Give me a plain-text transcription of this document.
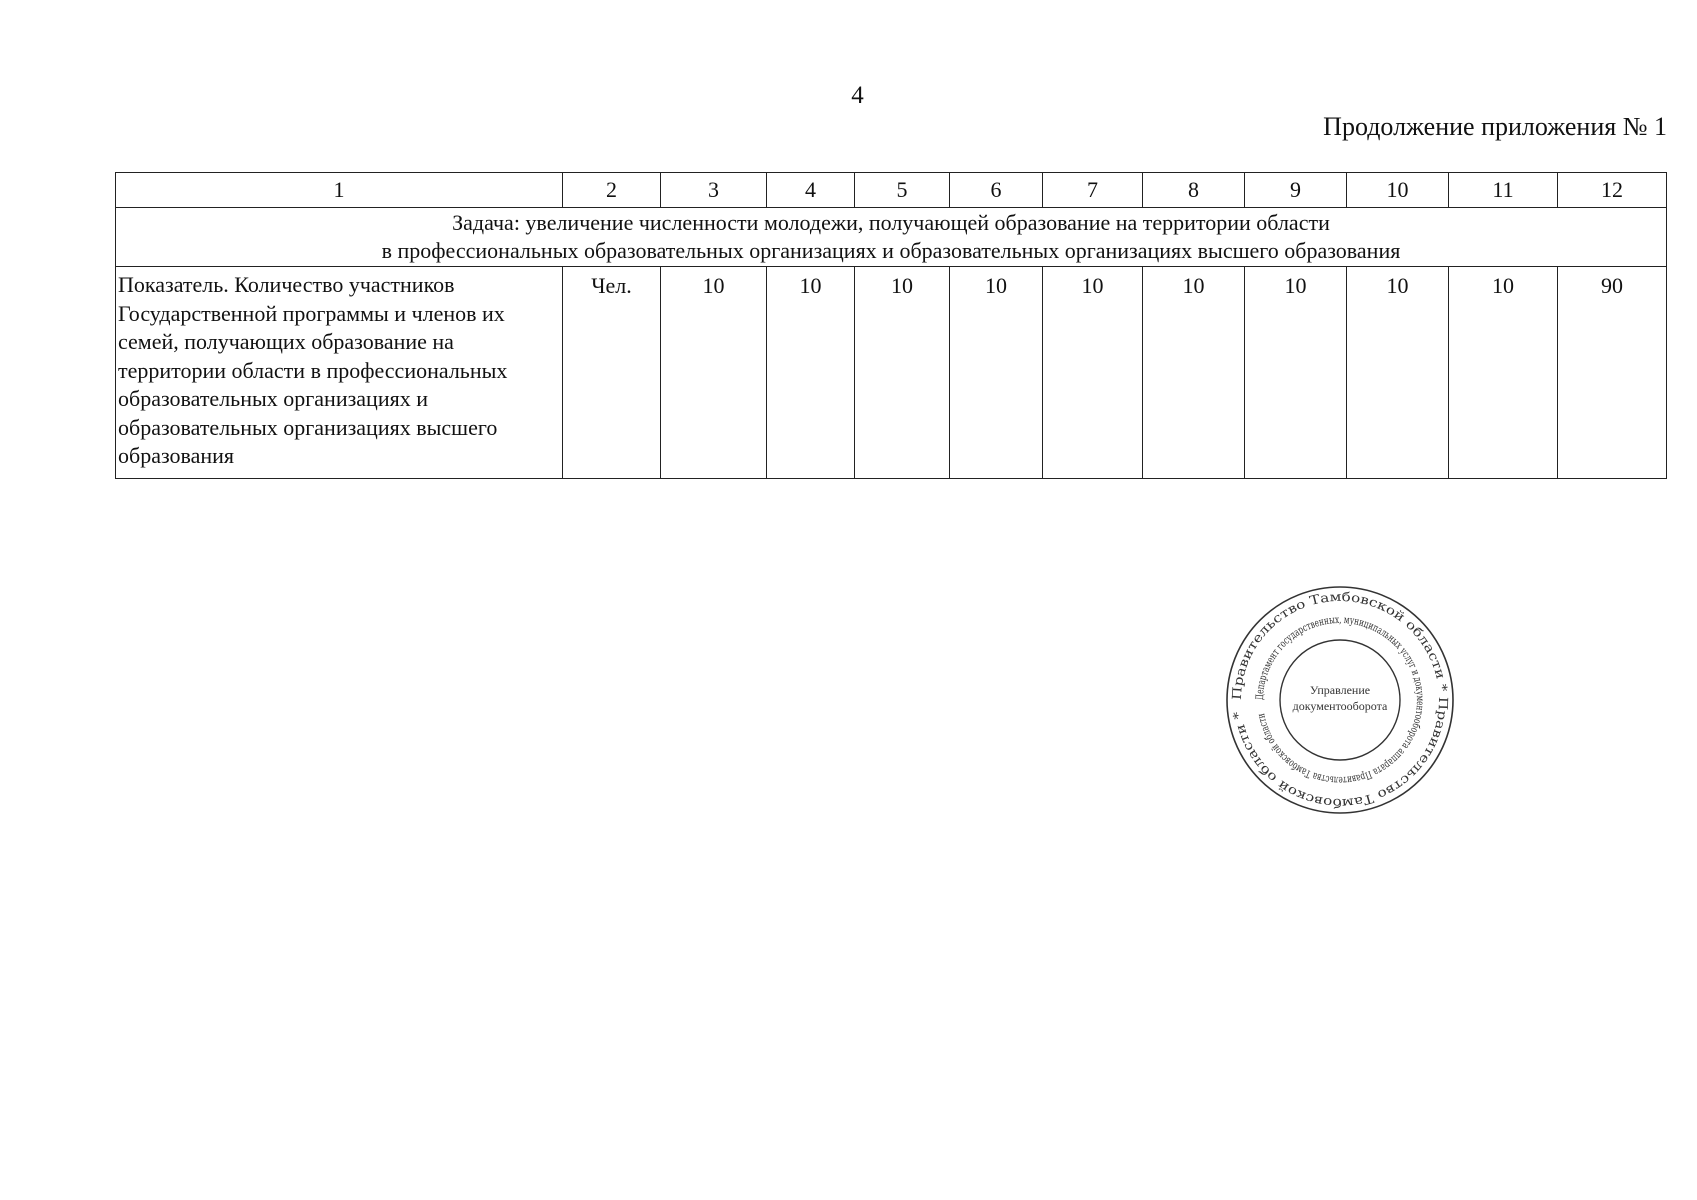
4
Продолжение приложения № 1
1	2	3	4	5	6	7	8	9	10	11	12

Задача: увеличение численности молодежи, получающей образование на территории области
в профессиональных образовательных организациях и образовательных организациях высшего образования											

Показатель. Количество участников Государственной программы и членов их семей, получающих образование на территории области в профессиональных образовательных организациях и образовательных организациях высшего образования	Чел.	10	10	10	10	10	10	10	10	10	90
Правительство Тамбовской области * Правительство Тамбовской области *
Департамент государственных, муниципальных услуг и документооборота аппарата Правительства Тамбовской области
Управление
документооборота
